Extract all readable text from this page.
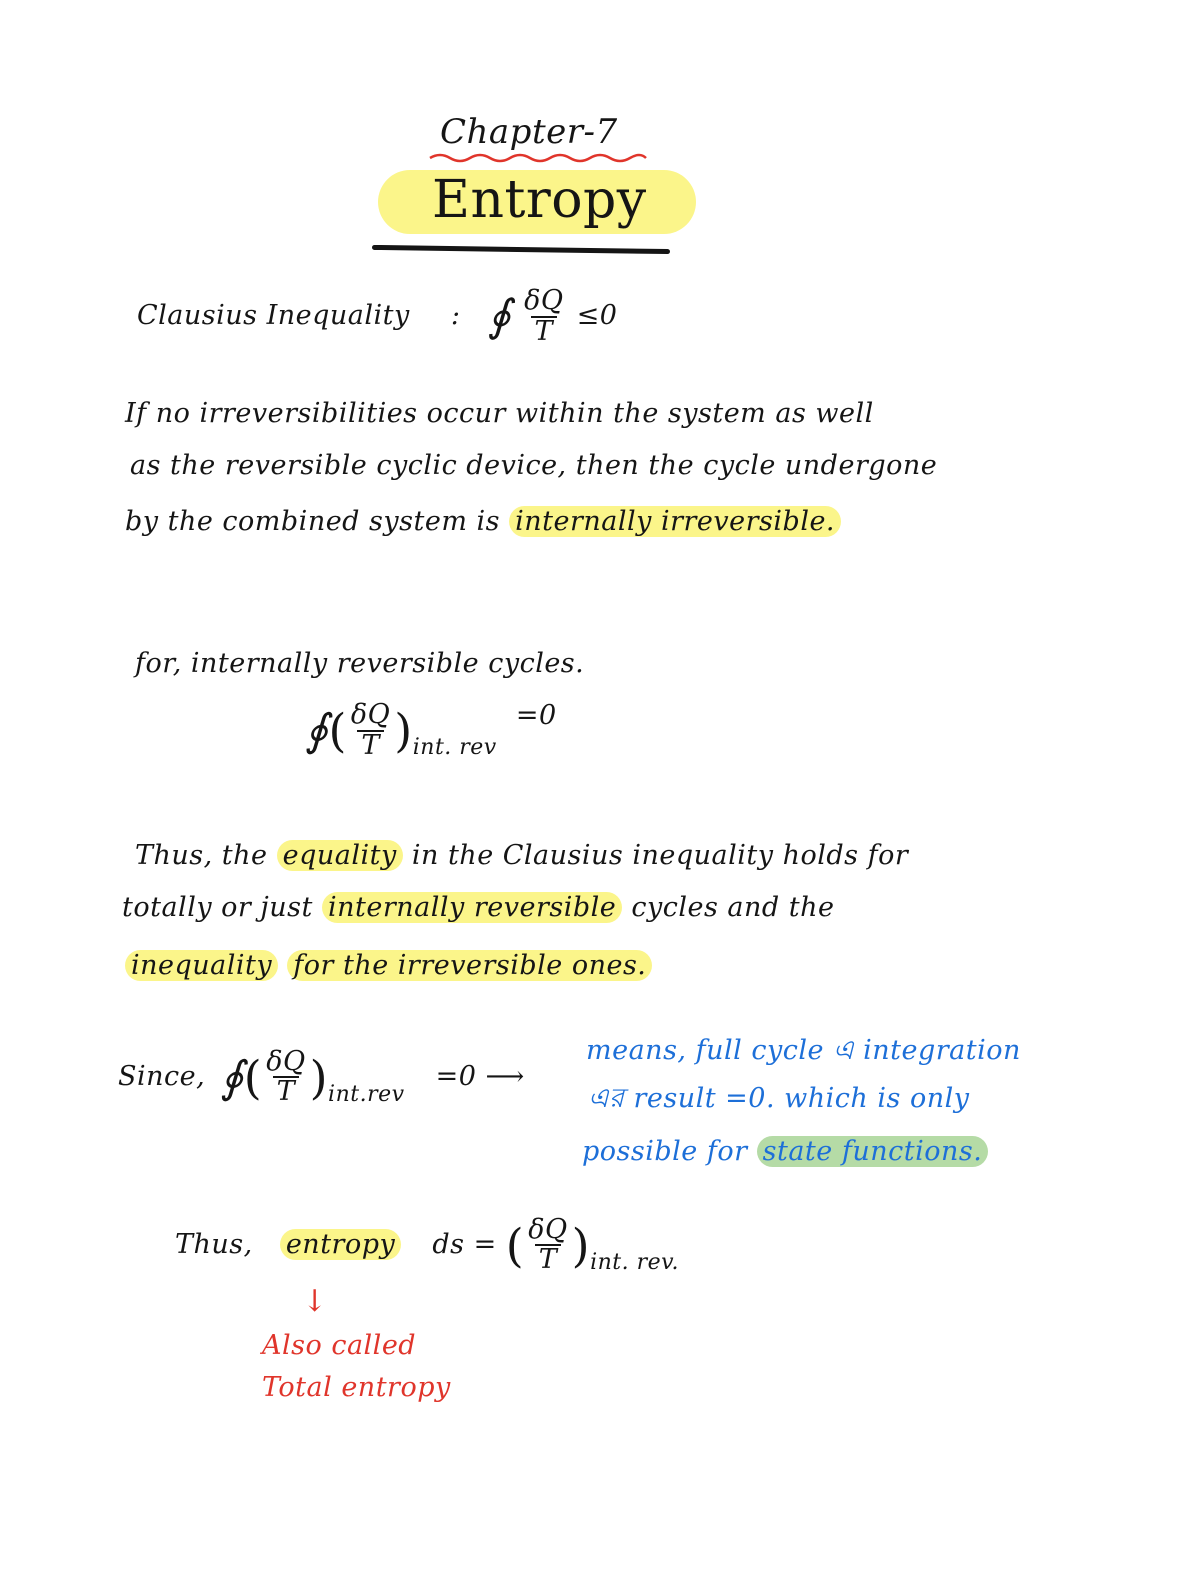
Chapter-7
Entropy
Clausius Inequality : ∮ $\frac{\delta Q}{T} \le 0$
If no irreversibilities occur within the system as well
as the reversible cyclic device, then the cycle undergone
by the combined system is internally irreversible.
for, internally reversible cycles.
∮( $\frac{\delta Q}{T} )_{int. rev} =0$
Thus, the equality in the Clausius inequality holds for
totally or just internally reversible cycles and the
inequality for the irreversible ones.
Since, ∮( $\frac{\delta Q}{T} )_{int.rev} =0$ ⟶
means, full cycle এ integration
এর result =0. which is only
possible for state functions.
Thus, entropy ds = ( $\frac{\delta Q}{T} )_{int. rev.}$
↓
Also called
Total entropy
